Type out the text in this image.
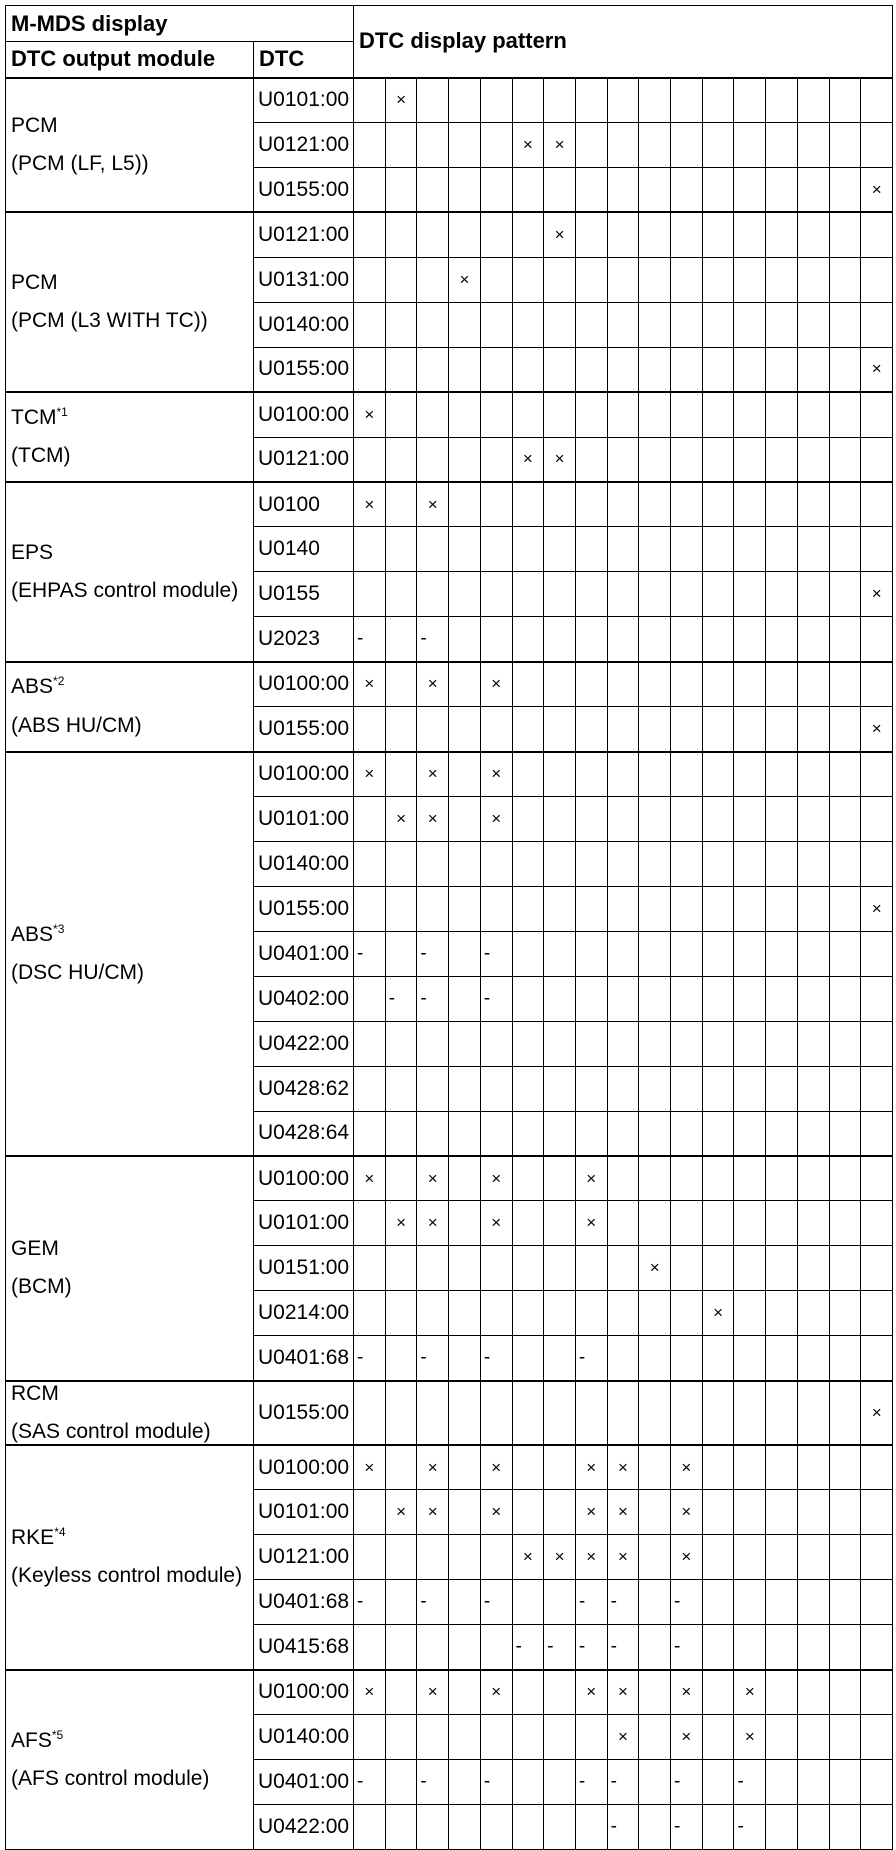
M-MDS display		DTC display pattern																
DTC output module	DTC																	

PCM
(PCM (LF, L5))	U0101:00		×															
	U0121:00						×	×										
	U0155:00																	×

PCM
(PCM (L3 WITH TC))	U0121:00							×										
	U0131:00				×													
	U0140:00																	
	U0155:00																	×

TCM$^{*1}$
(TCM)	U0100:00	×																
	U0121:00						×	×										

EPS
(EHPAS control module)	U0100	×		×														
	U0140																	
	U0155																	×
	U2023	-		-														

ABS$^{*2}$
(ABS HU/CM)	U0100:00	×		×		×												
	U0155:00																	×

ABS$^{*3}$
(DSC HU/CM)	U0100:00	×		×		×												
	U0101:00		×	×		×												
	U0140:00																	
	U0155:00																	×
	U0401:00	-		-		-												
	U0402:00		-	-		-												
	U0422:00																	
	U0428:62																	
	U0428:64																	

GEM
(BCM)	U0100:00	×		×		×			×									
	U0101:00		×	×		×			×									
	U0151:00										×							
	U0214:00												×					
	U0401:68	-		-		-			-									

RCM
(SAS control module)	U0155:00																	×

RKE$^{*4}$
(Keyless control module)	U0100:00	×		×		×			×	×		×						
	U0101:00		×	×		×			×	×		×						
	U0121:00						×	×	×	×		×						
	U0401:68	-		-		-			-	-		-						
	U0415:68						-	-	-	-		-						

AFS$^{*5}$
(AFS control module)	U0100:00	×		×		×			×	×		×		×				
	U0140:00									×		×		×				
	U0401:00	-		-		-			-	-		-		-				
	U0422:00									-		-		-				
